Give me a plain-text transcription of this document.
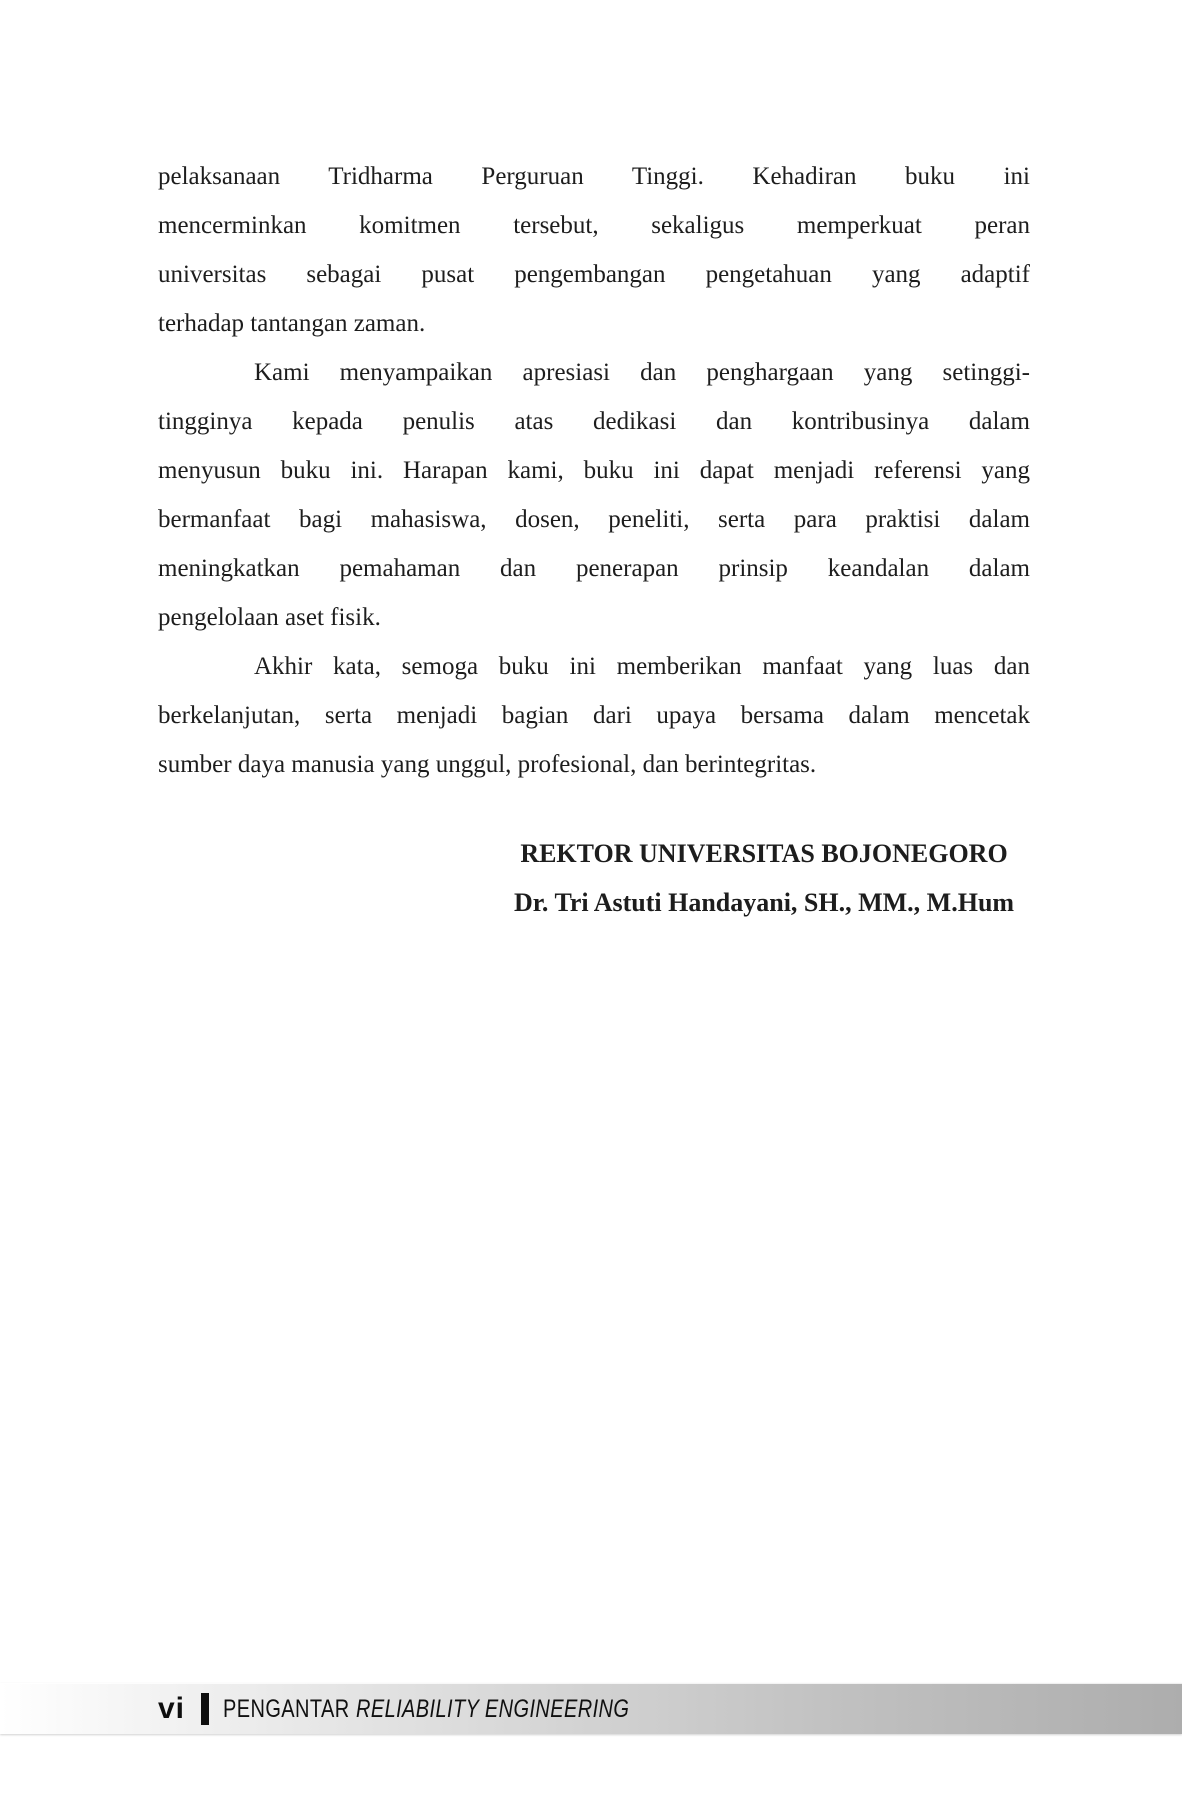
pelaksanaan Tridharma Perguruan Tinggi. Kehadiran buku ini
mencerminkan komitmen tersebut, sekaligus memperkuat peran
universitas sebagai pusat pengembangan pengetahuan yang adaptif
terhadap tantangan zaman.
Kami menyampaikan apresiasi dan penghargaan yang setinggi-
tingginya kepada penulis atas dedikasi dan kontribusinya dalam
menyusun buku ini. Harapan kami, buku ini dapat menjadi referensi yang
bermanfaat bagi mahasiswa, dosen, peneliti, serta para praktisi dalam
meningkatkan pemahaman dan penerapan prinsip keandalan dalam
pengelolaan aset fisik.
Akhir kata, semoga buku ini memberikan manfaat yang luas dan
berkelanjutan, serta menjadi bagian dari upaya bersama dalam mencetak
sumber daya manusia yang unggul, profesional, dan berintegritas.
REKTOR UNIVERSITAS BOJONEGORO
Dr. Tri Astuti Handayani, SH., MM., M.Hum
vi PENGANTAR RELIABILITY ENGINEERING
